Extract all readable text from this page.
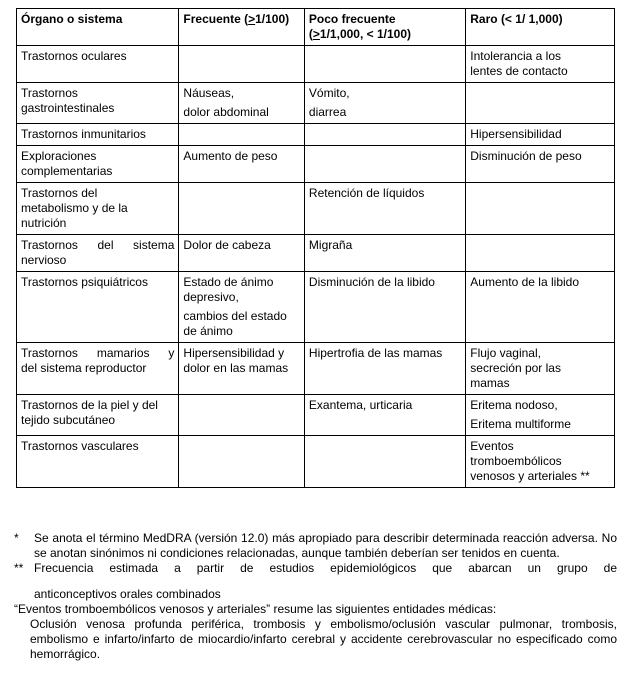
Órgano o sistema	Frecuente (>1/100)	Poco frecuente
(>1/1,000, < 1/100)	Raro (< 1/ 1,000)

Trastornos oculares			Intolerancia a los
lentes de contacto

Trastornos
gastrointestinales	Náuseas,
dolor abdominal	Vómito,
diarrea	

Trastornos inmunitarios			Hipersensibilidad

Exploraciones
complementarias	Aumento de peso		Disminución de peso

Trastornos del
metabolismo y de la
nutrición		Retención de líquidos	

Trastornos del sistema
nervioso	Dolor de cabeza	Migraña	

Trastornos psiquiátricos	Estado de ánimo
depresivo,
cambios del estado
de ánimo	Disminución de la libido	Aumento de la libido

Trastornos mamarios y
del sistema reproductor	Hipersensibilidad y
dolor en las mamas	Hipertrofia de las mamas	Flujo vaginal,
secreción por las
mamas

Trastornos de la piel y del
tejido subcutáneo		Exantema, urticaria	Eritema nodoso,
Eritema multiforme

Trastornos vasculares			Eventos
tromboembólicos
venosos y arteriales **
* Se anota el término MedDRA (versión 12.0) más apropiado para describir determinada reacción adversa. No se anotan sinónimos ni condiciones relacionadas, aunque también deberían ser tenidos en cuenta.
** Frecuencia estimada a partir de estudios epidemiológicos que abarcan un grupo de
anticonceptivos orales combinados
“Eventos tromboembólicos venosos y arteriales” resume las siguientes entidades médicas:
Oclusión venosa profunda periférica, trombosis y embolismo/oclusión vascular pulmonar, trombosis, embolismo e infarto/infarto de miocardio/infarto cerebral y accidente cerebrovascular no especificado como hemorrágico.
